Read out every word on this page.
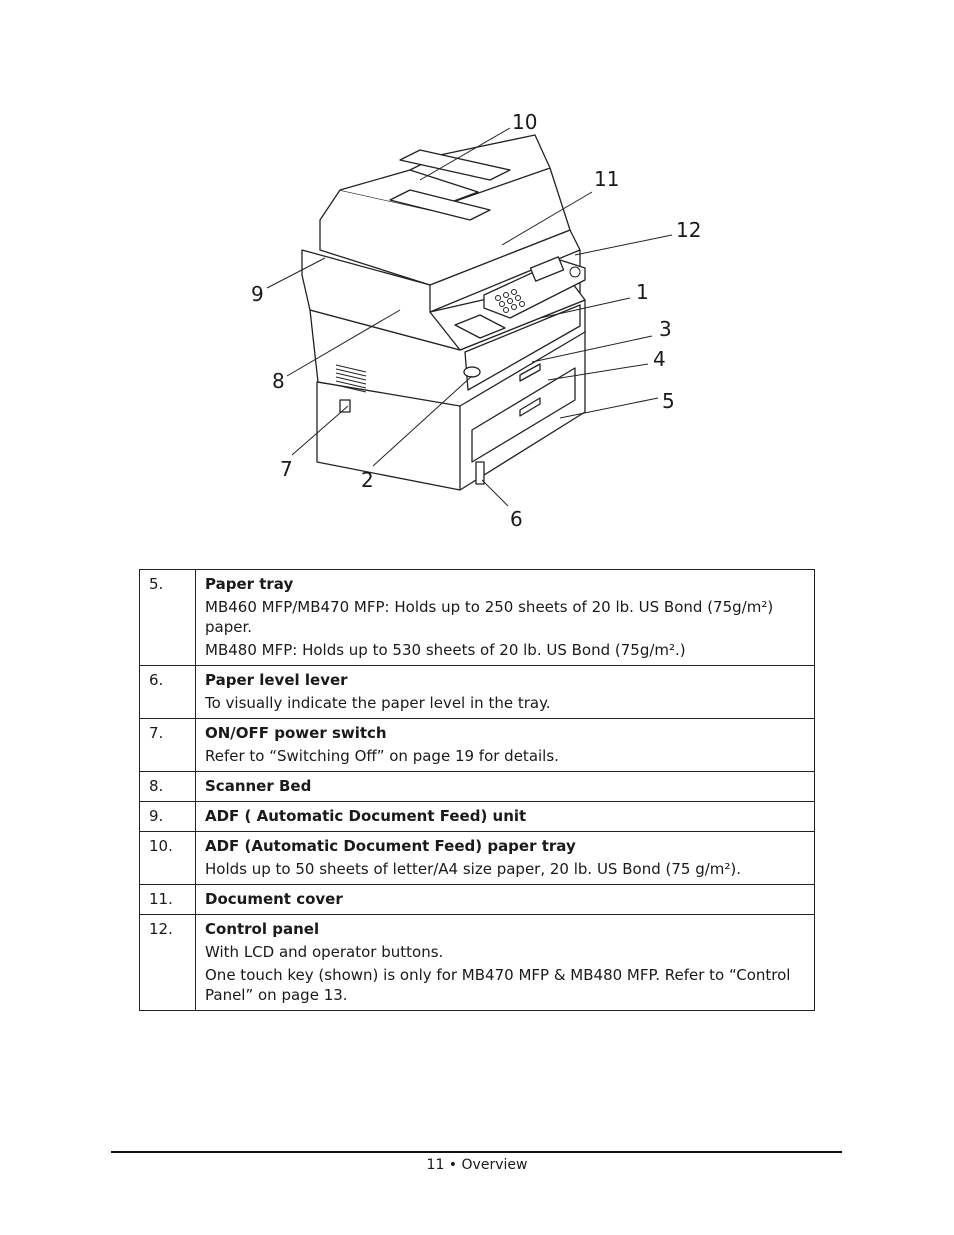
10
11
12
1
3
4
5
9
8
7	2
6
5.	Paper tray
MB460 MFP/MB470 MFP: Holds up to 250 sheets of 20 lb. US Bond (75g/m²) paper.
MB480 MFP: Holds up to 530 sheets of 20 lb. US Bond (75g/m².)

6.	Paper level lever
To visually indicate the paper level in the tray.

7.	ON/OFF power switch
Refer to “Switching Off” on page 19 for details.

8.	Scanner Bed

9.	ADF ( Automatic Document Feed) unit

10.	ADF (Automatic Document Feed) paper tray
Holds up to 50 sheets of letter/A4 size paper, 20 lb. US Bond (75 g/m²).

11.	Document cover

12.	Control panel
With LCD and operator buttons.
One touch key (shown) is only for MB470 MFP & MB480 MFP. Refer to “Control Panel” on page 13.
11 • Overview
